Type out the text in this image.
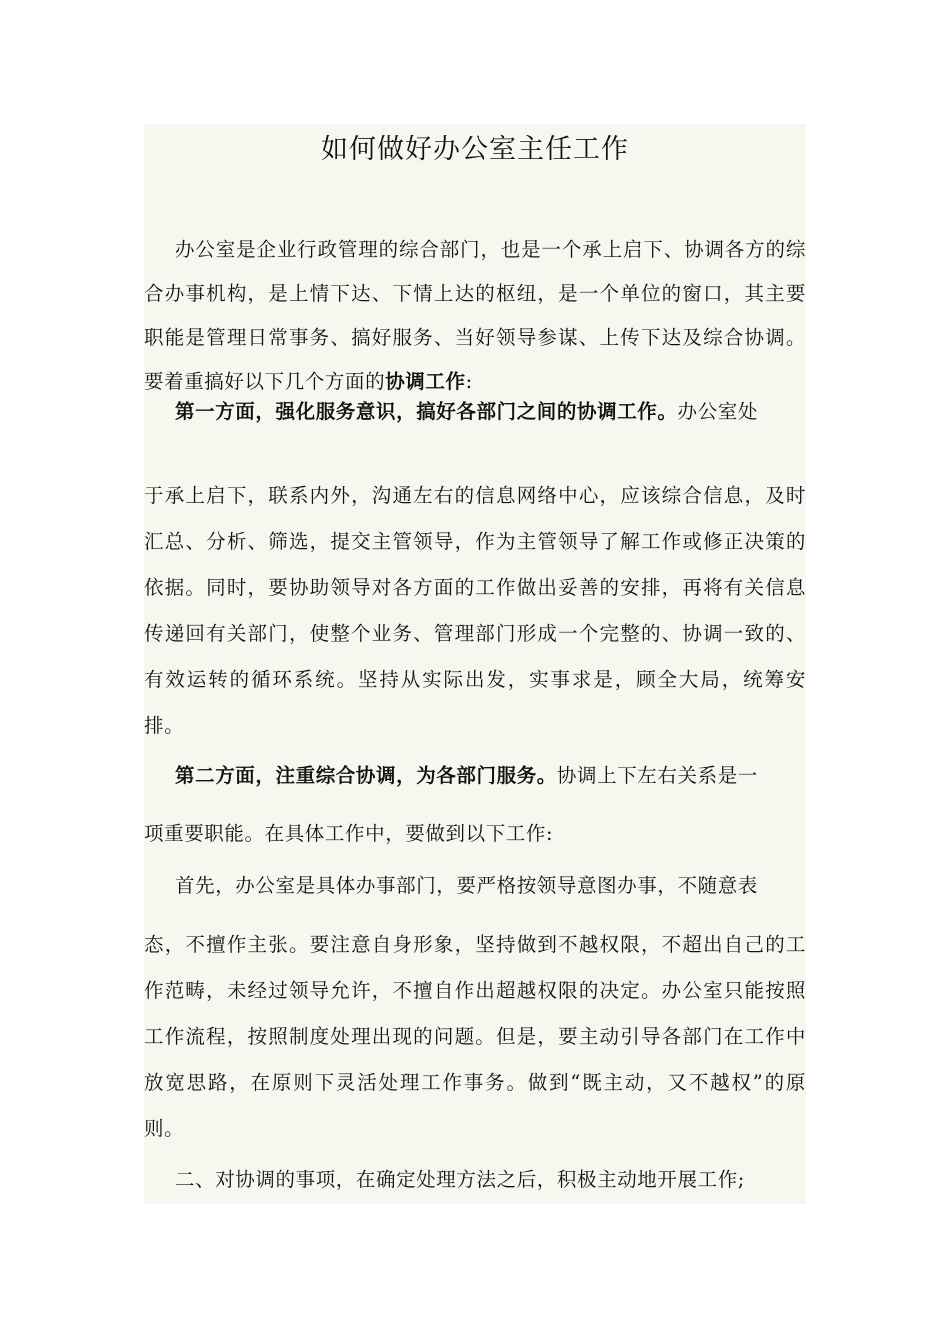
如何做好办公室主任工作

办公室是企业行政管理的综合部门，也是一个承上启下、协调各方的综合办事机构，是上情下达、下情上达的枢纽，是一个单位的窗口，其主要职能是管理日常事务、搞好服务、当好领导参谋、上传下达及综合协调。要着重搞好以下几个方面的协调工作:

第一方面，强化服务意识，搞好各部门之间的协调工作。办公室处

于承上启下，联系内外，沟通左右的信息网络中心，应该综合信息，及时汇总、分析、筛选，提交主管领导，作为主管领导了解工作或修正决策的依据。同时，要协助领导对各方面的工作做出妥善的安排，再将有关信息传递回有关部门，使整个业务、管理部门形成一个完整的、协调一致的、有效运转的循环系统。坚持从实际出发，实事求是，顾全大局，统筹安排。

第二方面，注重综合协调，为各部门服务。协调上下左右关系是一

项重要职能。在具体工作中，要做到以下工作:

首先，办公室是具体办事部门，要严格按领导意图办事，不随意表

态，不擅作主张。要注意自身形象，坚持做到不越权限，不超出自己的工作范畴，未经过领导允许，不擅自作出超越权限的决定。办公室只能按照工作流程，按照制度处理出现的问题。但是，要主动引导各部门在工作中放宽思路，在原则下灵活处理工作事务。做到“既主动，又不越权”的原则。

二、对协调的事项，在确定处理方法之后，积极主动地开展工作;
